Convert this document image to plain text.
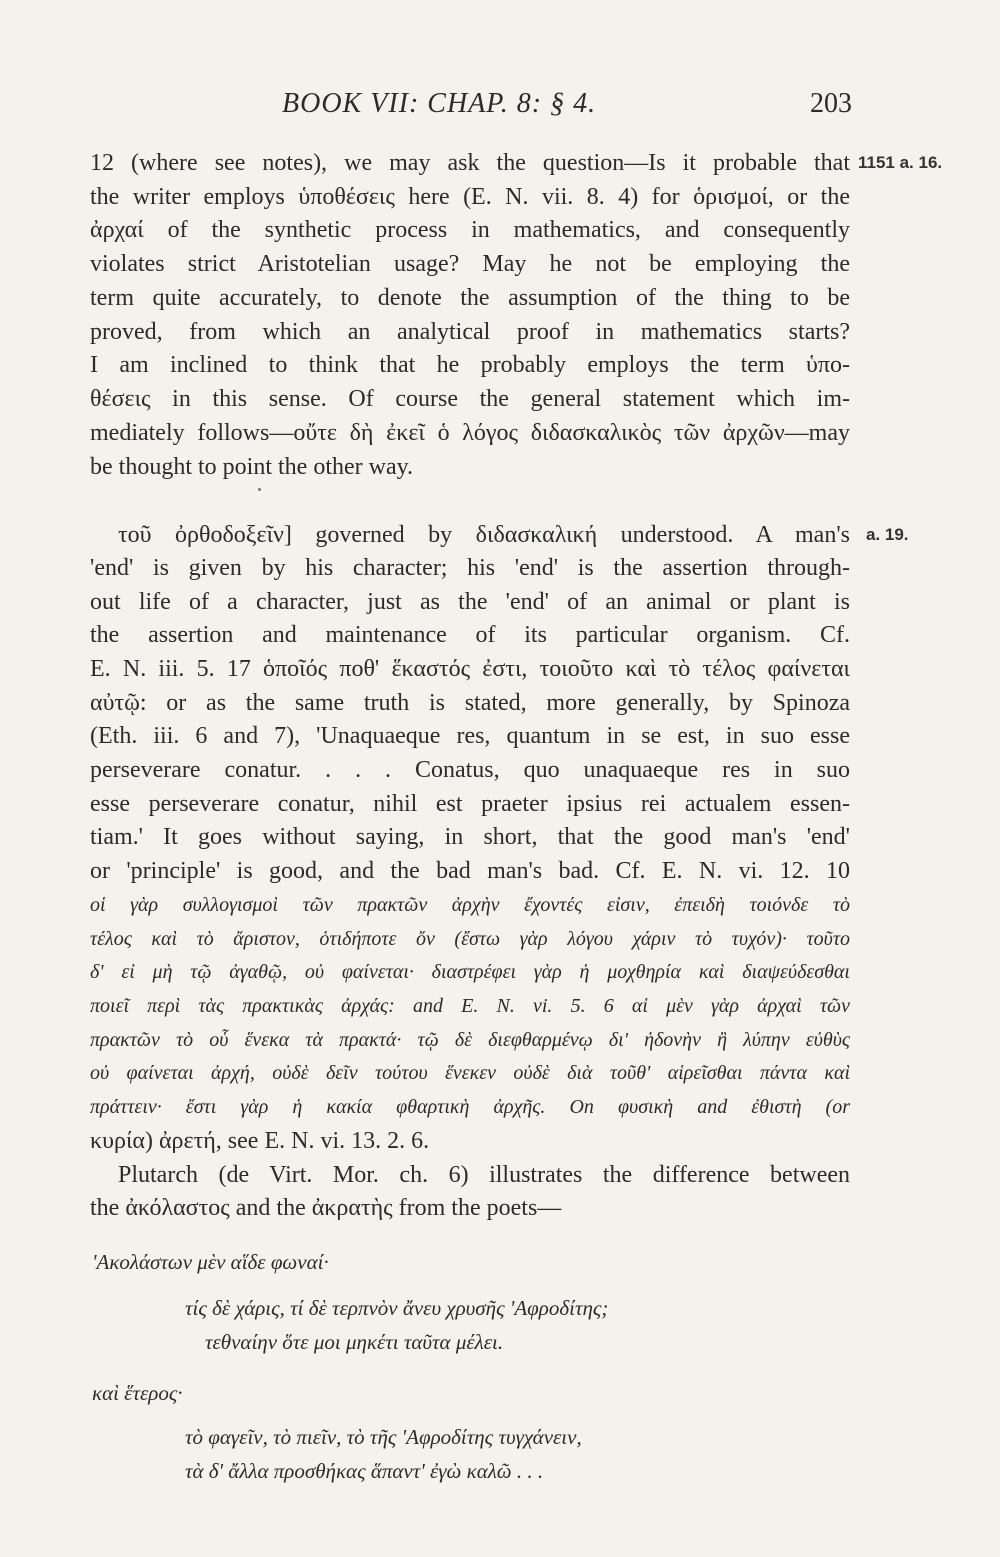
BOOK VII: CHAP. 8: § 4.	203
12 (where see notes), we may ask the question—Is it probable that 1151 a. 16.
the writer employs ὑποθέσεις here (E. N. vii. 8. 4) for ὁρισμοί, or the
ἀρχαί of the synthetic process in mathematics, and consequently
violates strict Aristotelian usage? May he not be employing the
term quite accurately, to denote the assumption of the thing to be
proved, from which an analytical proof in mathematics starts?
I am inclined to think that he probably employs the term ὑπο-
θέσεις in this sense. Of course the general statement which im-
mediately follows—οὔτε δὴ ἐκεῖ ὁ λόγος διδασκαλικὸς τῶν ἀρχῶν—may
be thought to point the other way.
τοῦ ὀρθοδοξεῖν] governed by διδασκαλική understood. A man's a. 19.
'end' is given by his character; his 'end' is the assertion through-
out life of a character, just as the 'end' of an animal or plant is
the assertion and maintenance of its particular organism. Cf.
E. N. iii. 5. 17 ὁποῖός ποθ' ἕκαστός ἐστι, τοιοῦτο καὶ τὸ τέλος φαίνεται
αὐτῷ: or as the same truth is stated, more generally, by Spinoza
(Eth. iii. 6 and 7), 'Unaquaeque res, quantum in se est, in suo esse
perseverare conatur. . . . Conatus, quo unaquaeque res in suo
esse perseverare conatur, nihil est praeter ipsius rei actualem essen-
tiam.' It goes without saying, in short, that the good man's 'end'
or 'principle' is good, and the bad man's bad. Cf. E. N. vi. 12. 10
οἱ γὰρ συλλογισμοὶ τῶν πρακτῶν ἀρχὴν ἔχοντές εἰσιν, ἐπειδὴ τοιόνδε τὸ
τέλος καὶ τὸ ἄριστον, ὁτιδήποτε ὄν (ἔστω γὰρ λόγου χάριν τὸ τυχόν)· τοῦτο
δ' εἰ μὴ τῷ ἀγαθῷ, οὐ φαίνεται· διαστρέφει γὰρ ἡ μοχθηρία καὶ διαψεύδεσθαι
ποιεῖ περὶ τὰς πρακτικὰς ἀρχάς: and E. N. vi. 5. 6 αἱ μὲν γὰρ ἀρχαὶ τῶν
πρακτῶν τὸ οὗ ἕνεκα τὰ πρακτά· τῷ δὲ διεφθαρμένῳ δι' ἡδονὴν ἢ λύπην εὐθὺς
οὐ φαίνεται ἀρχή, οὐδὲ δεῖν τούτου ἕνεκεν οὐδὲ διὰ τοῦθ' αἱρεῖσθαι πάντα καὶ
πράττειν· ἔστι γὰρ ἡ κακία φθαρτικὴ ἀρχῆς. On φυσικὴ and ἐθιστὴ (or
κυρία) ἀρετή, see E. N. vi. 13. 2. 6.
Plutarch (de Virt. Mor. ch. 6) illustrates the difference between
the ἀκόλαστος and the ἀκρατὴς from the poets—
'Ακολάστων μὲν αἵδε φωναί·
τίς δὲ χάρις, τί δὲ τερπνὸν ἄνευ χρυσῆς 'Αφροδίτης;
τεθναίην ὅτε μοι μηκέτι ταῦτα μέλει.
καὶ ἕτερος·
τὸ φαγεῖν, τὸ πιεῖν, τὸ τῆς 'Αφροδίτης τυγχάνειν,
τὰ δ' ἄλλα προσθήκας ἅπαντ' ἐγὼ καλῶ . . .
